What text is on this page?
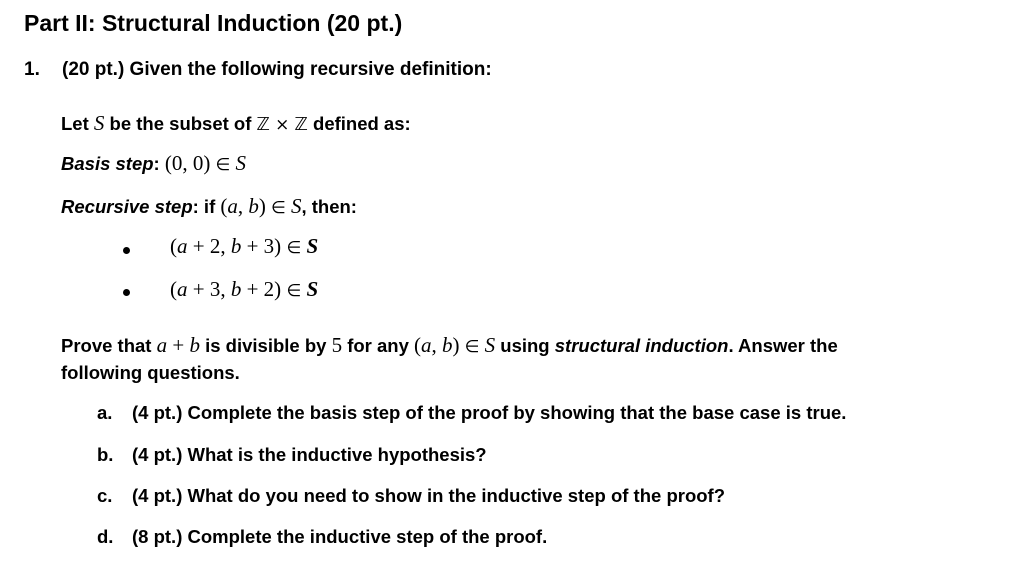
Part II: Structural Induction (20 pt.)
1. (20 pt.) Given the following recursive definition:
Let S be the subset of ℤ × ℤ defined as:
Basis step: (0, 0) ∈ S
Recursive step: if (a, b) ∈ S, then:
(a + 2, b + 3) ∈ S
(a + 3, b + 2) ∈ S
Prove that a + b is divisible by 5 for any (a, b) ∈ S using structural induction. Answer the
following questions.
a. (4 pt.) Complete the basis step of the proof by showing that the base case is true.
b. (4 pt.) What is the inductive hypothesis?
c. (4 pt.) What do you need to show in the inductive step of the proof?
d. (8 pt.) Complete the inductive step of the proof.
